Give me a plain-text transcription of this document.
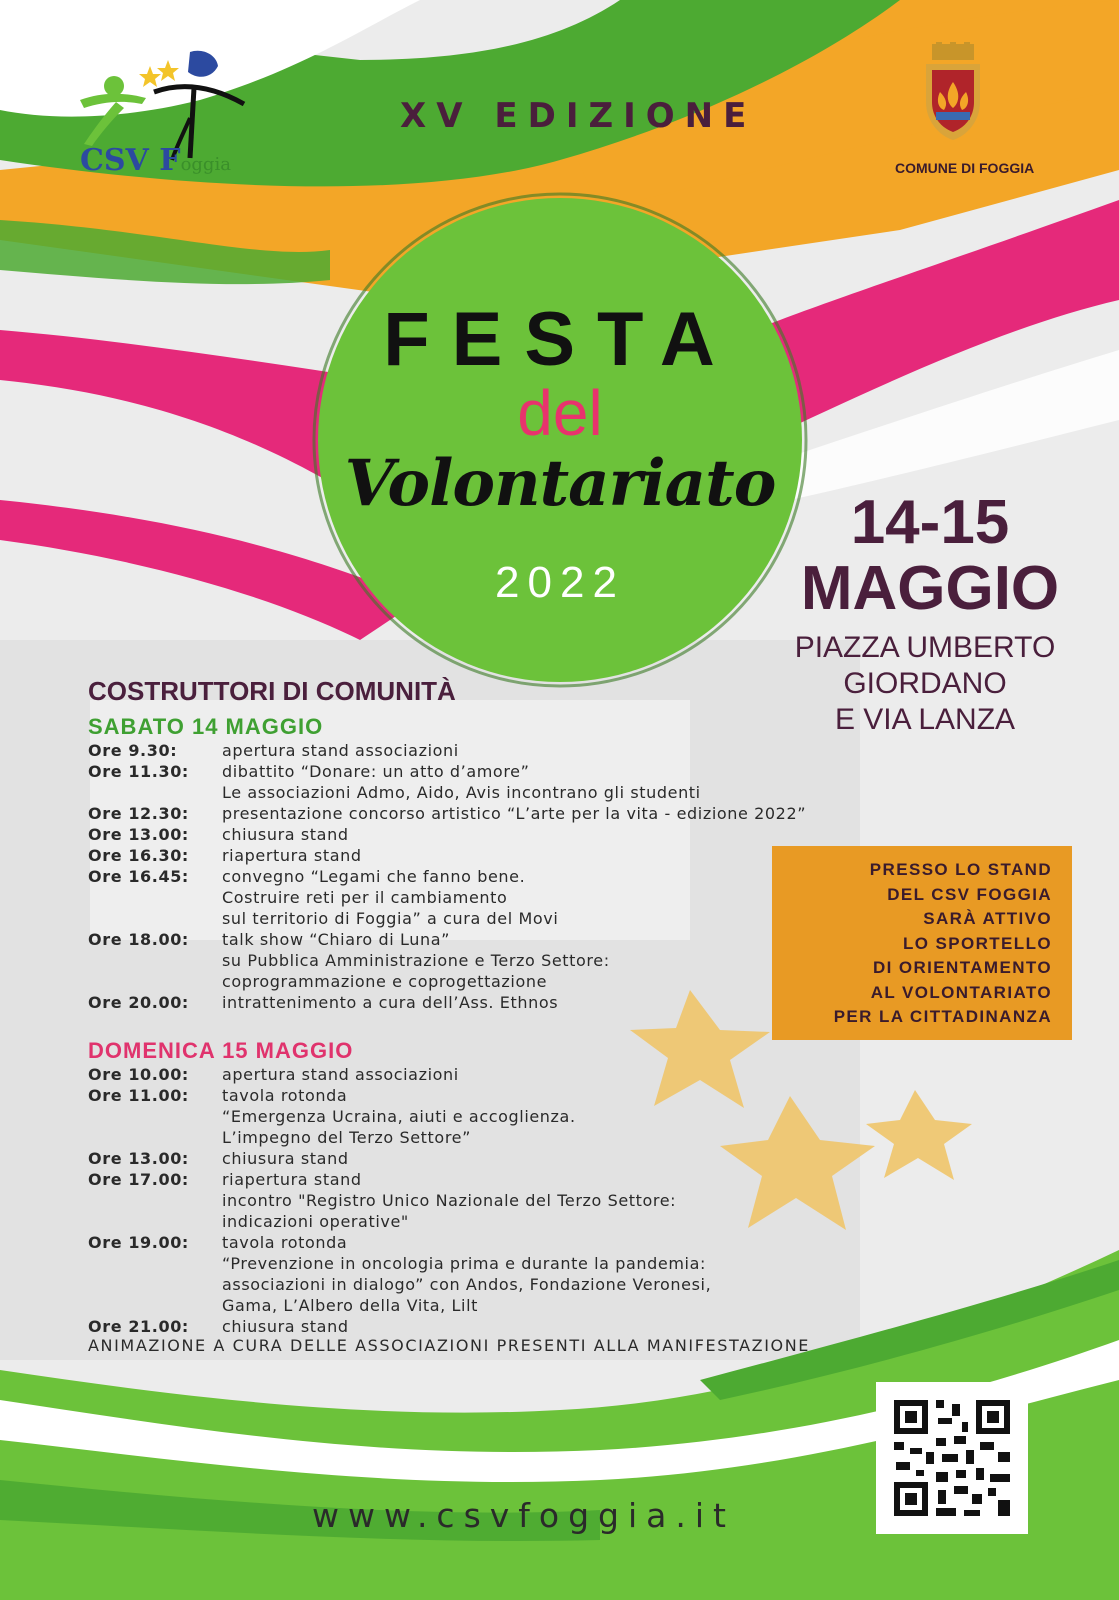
CSV Foggia
XV EDIZIONE
COMUNE DI FOGGIA
FESTA
del
Volontariato
2022
14-15
MAGGIO
PIAZZA UMBERTO
GIORDANO
E VIA LANZA
COSTRUTTORI DI COMUNITÀ
SABATO 14 MAGGIO
Ore 9.30:	apertura stand associazioni
Ore 11.30:	dibattito “Donare: un atto d’amore”
Le associazioni Admo, Aido, Avis incontrano gli studenti
Ore 12.30:	presentazione concorso artistico “L’arte per la vita - edizione 2022”
Ore 13.00:	chiusura stand
Ore 16.30:	riapertura stand
Ore 16.45:	convegno “Legami che fanno bene.
Costruire reti per il cambiamento
sul territorio di Foggia” a cura del Movi
Ore 18.00:	talk show “Chiaro di Luna”
su Pubblica Amministrazione e Terzo Settore:
coprogrammazione e coprogettazione
Ore 20.00:	intrattenimento a cura dell’Ass. Ethnos
DOMENICA 15 MAGGIO
Ore 10.00:	apertura stand associazioni
Ore 11.00:	tavola rotonda
“Emergenza Ucraina, aiuti e accoglienza.
L’impegno del Terzo Settore”
Ore 13.00:	chiusura stand
Ore 17.00:	riapertura stand
incontro "Registro Unico Nazionale del Terzo Settore:
indicazioni operative"
Ore 19.00:	tavola rotonda
“Prevenzione in oncologia prima e durante la pandemia:
associazioni in dialogo” con Andos, Fondazione Veronesi,
Gama, L’Albero della Vita, Lilt
Ore 21.00:	chiusura stand
ANIMAZIONE A CURA DELLE ASSOCIAZIONI PRESENTI ALLA MANIFESTAZIONE
PRESSO LO STAND
DEL CSV FOGGIA
SARÀ ATTIVO
LO SPORTELLO
DI ORIENTAMENTO
AL VOLONTARIATO
PER LA CITTADINANZA
www.csvfoggia.it
